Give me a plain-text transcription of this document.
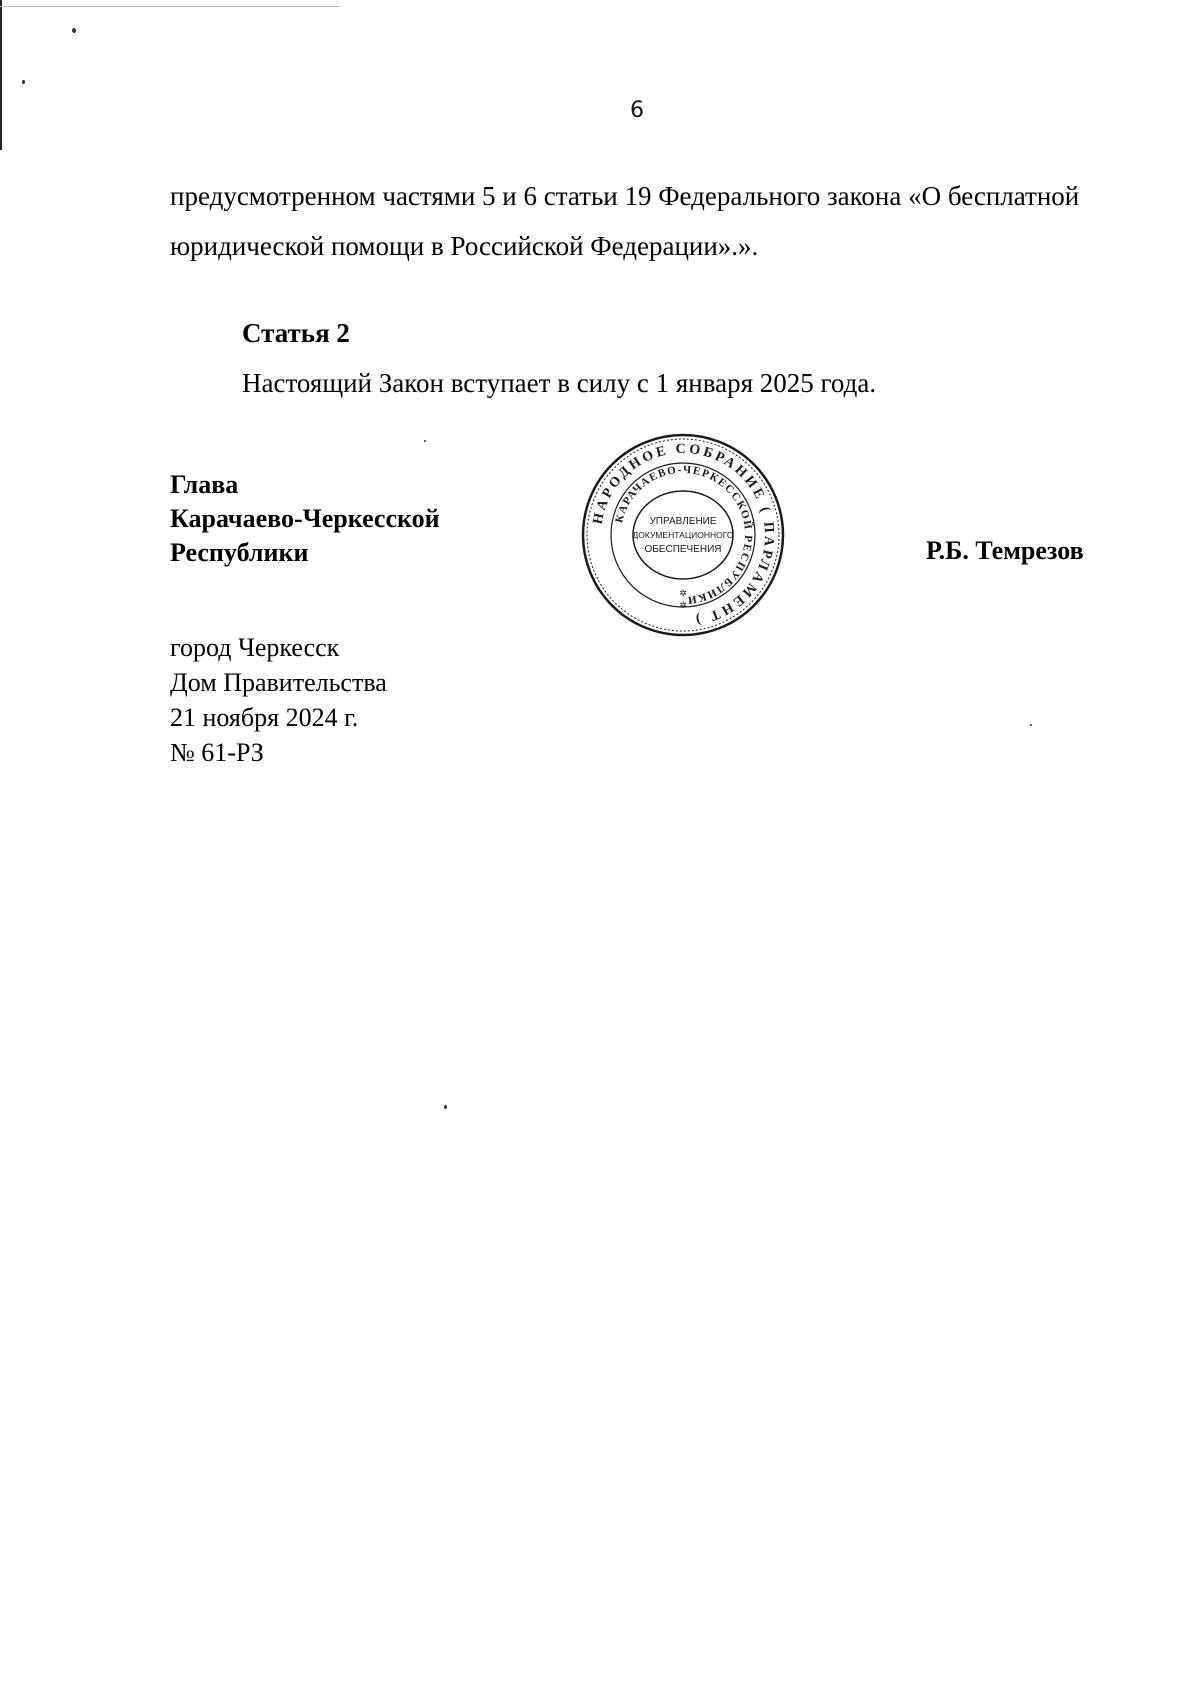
6
предусмотренном частями 5 и 6 статьи 19 Федерального закона «О бесплатной
юридической помощи в Российской Федерации».».
Статья 2
Настоящий Закон вступает в силу с 1 января 2025 года.
Глава
Карачаево-Черкесской
Республики	Р.Б. Темрезов
город Черкесск
Дом Правительства
21 ноября 2024 г.
№ 61-РЗ
НАРОДНОЕ СОБРАНИЕ ( ПАРЛАМЕНТ )
КАРАЧАЕВО-ЧЕРКЕССКОЙ РЕСПУБЛИКИ
УПРАВЛЕНИЕ
ДОКУМЕНТАЦИОННОГО
ОБЕСПЕЧЕНИЯ
✲
✲
